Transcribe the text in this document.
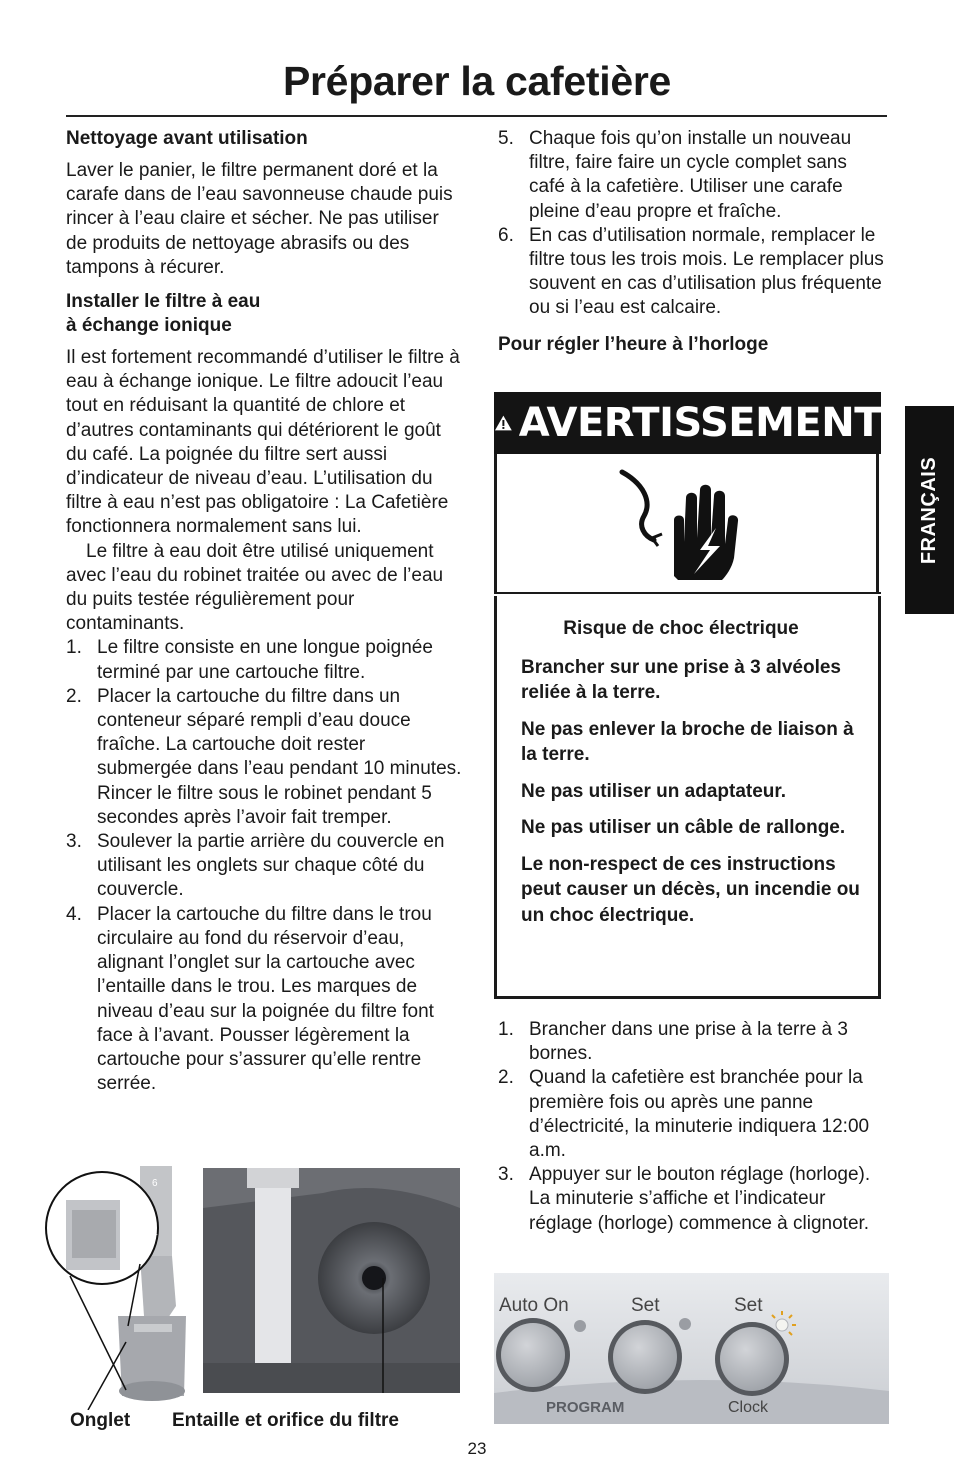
Préparer la cafetière
Nettoyage avant utilisation

Laver le panier, le filtre permanent doré et la carafe dans de l’eau savonneuse chaude puis rincer à l’eau claire et sécher. Ne pas utiliser de produits de nettoyage abrasifs ou des tampons à récurer.

Installer le filtre à eau
à échange ionique

Il est fortement recommandé d’utiliser le filtre à eau à échange ionique. Le filtre adoucit l’eau tout en réduisant la quantité de chlore et d’autres contaminants qui détériorent le goût du café. La poignée du filtre sert aussi d’indicateur de niveau d’eau. L’utilisation du filtre à eau n’est pas obligatoire : La Cafetière fonctionnera normalement sans lui.

Le filtre à eau doit être utilisé uniquement avec l’eau du robinet traitée ou avec de l’eau du puits testée régulièrement pour contaminants.

1. Le filtre consiste en une longue poignée terminé par une cartouche filtre.
2. Placer la cartouche du filtre dans un conteneur séparé rempli d’eau douce fraîche. La cartouche doit rester submergée dans l’eau pendant 10 minutes. Rincer le filtre sous le robinet pendant 5 secondes après l’avoir fait tremper.
3. Soulever la partie arrière du couvercle en utilisant les onglets sur chaque côté du couvercle.
4. Placer la cartouche du filtre dans le trou circulaire au fond du réservoir d’eau, alignant l’onglet sur la cartouche avec l’entaille dans le trou. Les marques de niveau d’eau sur la poignée du filtre font face à l’avant. Pousser légèrement la cartouche pour s’assurer qu’elle rentre serrée.
5. Chaque fois qu’on installe un nouveau filtre, faire faire un cycle complet sans café à la cafetière. Utiliser une carafe pleine d’eau propre et fraîche.
6. En cas d’utilisation normale, remplacer le filtre tous les trois mois. Le remplacer plus souvent en cas d’utilisation plus fréquente ou si l’eau est calcaire.
Pour régler l’heure à l’horloge
FRANÇAIS
AVERTISSEMENT
Risque de choc électrique

Brancher sur une prise à 3 alvéoles reliée à la terre.

Ne pas enlever la broche de liaison à la terre.

Ne pas utiliser un adaptateur.

Ne pas utiliser un câble de rallonge.

Le non-respect de ces instructions peut causer un décès, un incendie ou un choc électrique.

1. Brancher dans une prise à la terre à 3 bornes.
2. Quand la cafetière est branchée pour la première fois ou après une panne d’électricité, la minuterie indiquera 12:00 a.m.
3. Appuyer sur le bouton réglage (horloge). La minuterie s’affiche et l’indicateur réglage (horloge) commence à clignoter.
Auto On	Set	Set
PROGRAM	Clock
6
4
Onglet Entaille et orifice du filtre
23
